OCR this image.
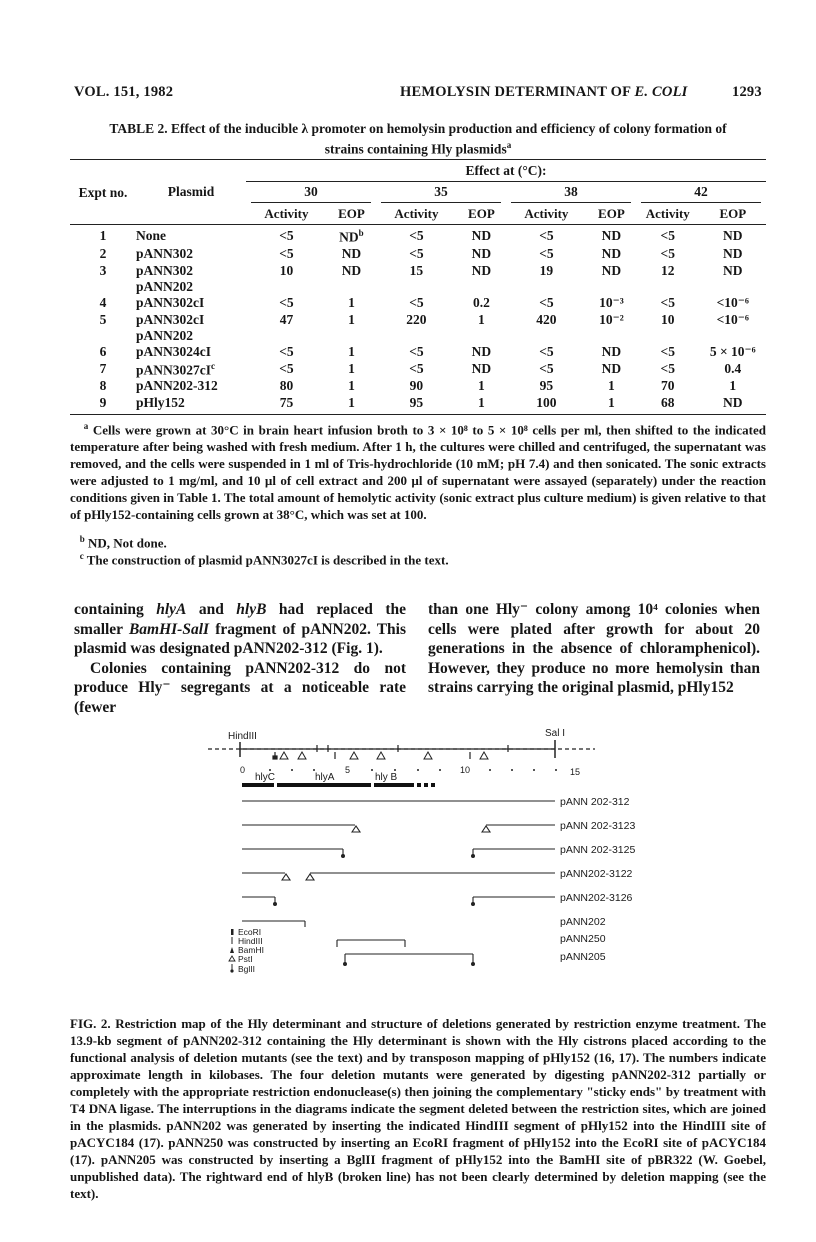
VOL. 151, 1982	HEMOLYSIN DETERMINANT OF E. COLI	1293
TABLE 2. Effect of the inducible λ promoter on hemolysin production and efficiency of colony formation of
strains containing Hly plasmids$^a$
Expt no.	Plasmid	Effect at (°C):							
		30		35		38		42	
		Activity	EOP	Activity	EOP	Activity	EOP	Activity	EOP
1	None	<5	$ND^b$	<5	ND	<5	ND	<5	ND
2	pANN302	<5	ND	<5	ND	<5	ND	<5	ND
3	pANN302
pANN202	10	ND	15	ND	19	ND	12	ND
4	pANN302cI	<5	1	<5	0.2	<5	10⁻³	<5	<10⁻⁶
5	pANN302cI
pANN202	47	1	220	1	420	10⁻²	10	<10⁻⁶
6	pANN3024cI	<5	1	<5	ND	<5	ND	<5	5 × 10⁻⁶
7	$pANN3027cI^c$	<5	1	<5	ND	<5	ND	<5	0.4
8	pANN202-312	80	1	90	1	95	1	70	1
9	pHly152	75	1	95	1	100	1	68	ND
$^a$ Cells were grown at 30°C in brain heart infusion broth to 3 × 10⁸ to 5 × 10⁸ cells per ml, then shifted to the indicated temperature after being washed with fresh medium. After 1 h, the cultures were chilled and centrifuged, the supernatant was removed, and the cells were suspended in 1 ml of Tris-hydrochloride (10 mM; pH 7.4) and then sonicated. The sonic extracts were adjusted to 1 mg/ml, and 10 µl of cell extract and 200 µl of supernatant were assayed (separately) under the reaction conditions given in Table 1. The total amount of hemolytic activity (sonic extract plus culture medium) is given relative to that of pHly152-containing cells grown at 38°C, which was set at 100.
$^b$ ND, Not done.
$^c$ The construction of plasmid pANN3027cI is described in the text.

containing hlyA and hlyB had replaced the smaller BamHI-SalI fragment of pANN202. This plasmid was designated pANN202-312 (Fig. 1).

Colonies containing pANN202-312 do not produce Hly⁻ segregants at a noticeable rate (fewer

than one Hly⁻ colony among 10⁴ colonies when cells were plated after growth for about 20 generations in the absence of chloramphenicol). However, they produce no more hemolysin than strains carrying the original plasmid, pHly152

HindIII	Sal I
0	5	10	15
hlyC	hlyA	hly B
pANN 202-312
pANN 202-3123
pANN 202-3125
pANN202-3122
pANN202-3126
pANN202
pANN250
pANN205
EcoRI
HindIII
BamHI
PstI
BglII
FIG. 2. Restriction map of the Hly determinant and structure of deletions generated by restriction enzyme treatment. The 13.9-kb segment of pANN202-312 containing the Hly determinant is shown with the Hly cistrons placed according to the functional analysis of deletion mutants (see the text) and by transposon mapping of pHly152 (16, 17). The numbers indicate approximate length in kilobases. The four deletion mutants were generated by digesting pANN202-312 partially or completely with the appropriate restriction endonuclease(s) then joining the complementary "sticky ends" by treatment with T4 DNA ligase. The interruptions in the diagrams indicate the segment deleted between the restriction sites, which are joined in the plasmids. pANN202 was generated by inserting the indicated HindIII segment of pHly152 into the HindIII site of pACYC184 (17). pANN250 was constructed by inserting an EcoRI fragment of pHly152 into the EcoRI site of pACYC184 (17). pANN205 was constructed by inserting a BglII fragment of pHly152 into the BamHI site of pBR322 (W. Goebel, unpublished data). The rightward end of hlyB (broken line) has not been clearly determined by deletion mapping (see the text).
